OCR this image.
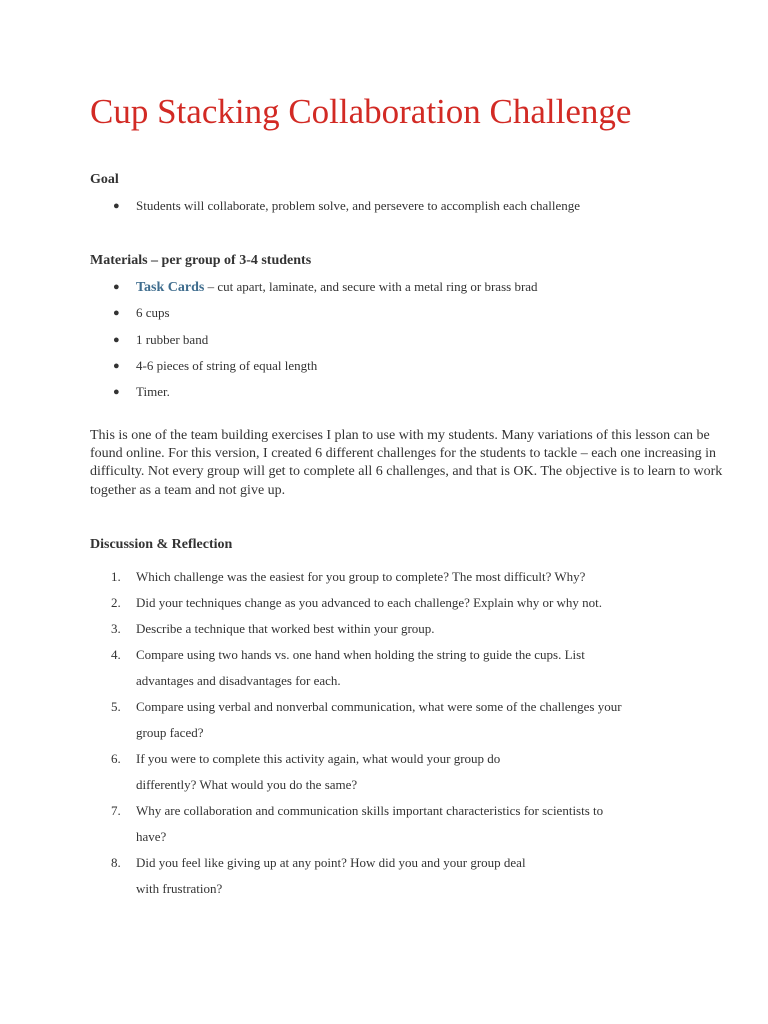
Cup Stacking Collaboration Challenge
Goal
● Students will collaborate, problem solve, and persevere to accomplish each challenge
Materials – per group of 3-4 students
● Task Cards – cut apart, laminate, and secure with a metal ring or brass brad
● 6 cups
● 1 rubber band
● 4-6 pieces of string of equal length
● Timer.

This is one of the team building exercises I plan to use with my students. Many variations of this lesson can be found online. For this version, I created 6 different challenges for the students to tackle – each one increasing in difficulty. Not every group will get to complete all 6 challenges, and that is OK. The objective is to learn to work together as a team and not give up.

Discussion & Reflection
1. Which challenge was the easiest for you group to complete? The most difficult? Why?
2. Did your techniques change as you advanced to each challenge? Explain why or why not.
3. Describe a technique that worked best within your group.
4. Compare using two hands vs. one hand when holding the string to guide the cups. List
advantages and disadvantages for each.
5. Compare using verbal and nonverbal communication, what were some of the challenges your
group faced?
6. If you were to complete this activity again, what would your group do
differently? What would you do the same?
7. Why are collaboration and communication skills important characteristics for scientists to
have?
8. Did you feel like giving up at any point? How did you and your group deal
with frustration?
